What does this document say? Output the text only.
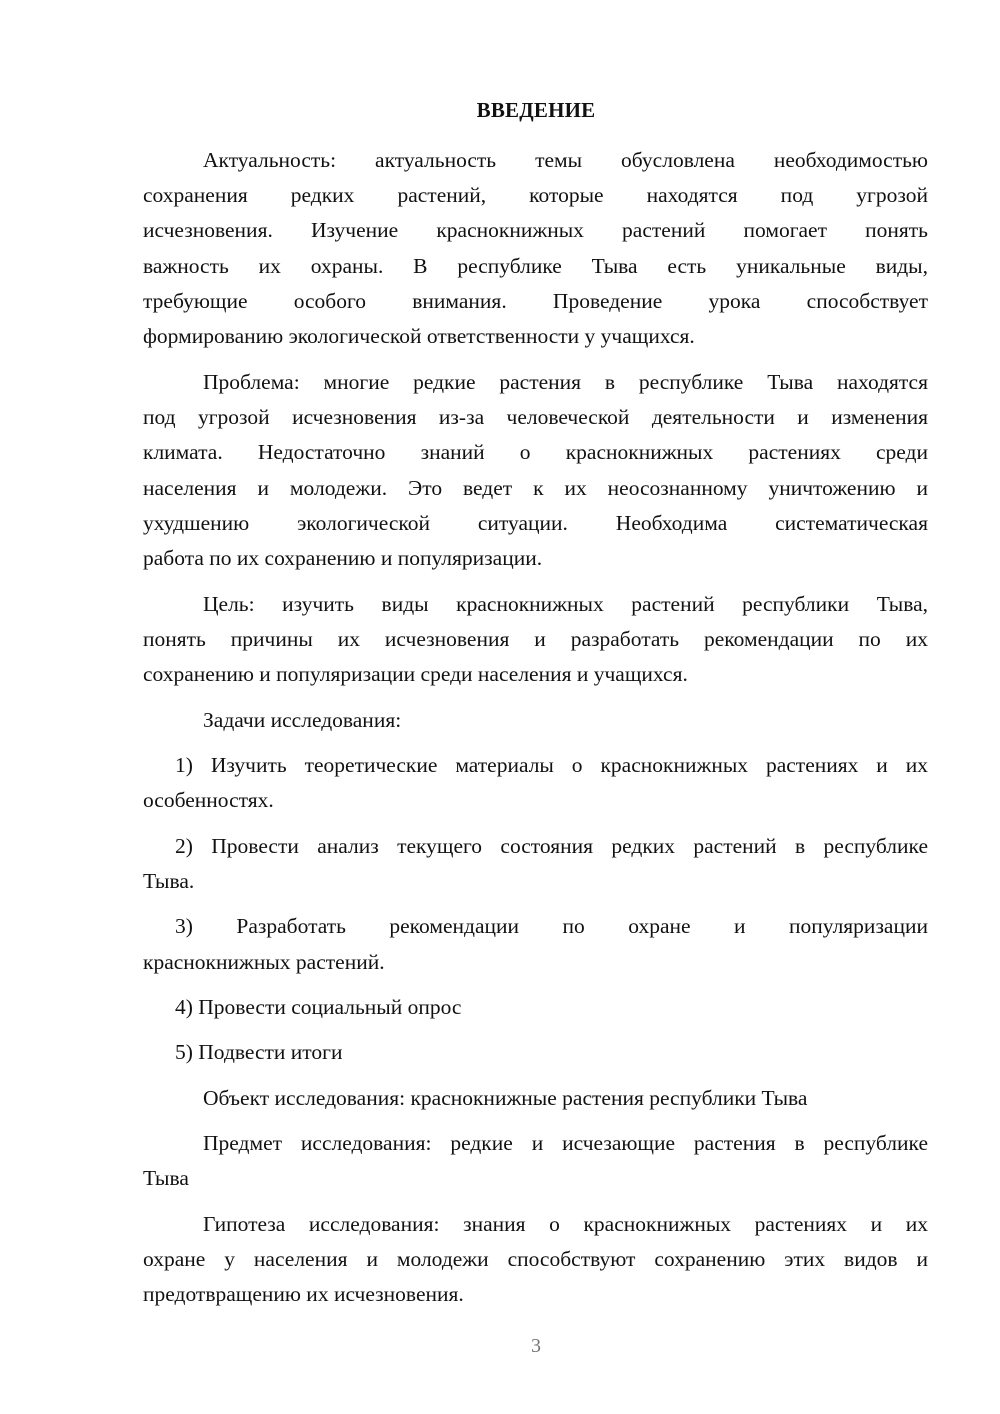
ВВЕДЕНИЕ
Актуальность: актуальность темы обусловлена необходимостью
сохранения редких растений, которые находятся под угрозой
исчезновения. Изучение краснокнижных растений помогает понять
важность их охраны. В республике Тыва есть уникальные виды,
требующие особого внимания. Проведение урока способствует
формированию экологической ответственности у учащихся.
Проблема: многие редкие растения в республике Тыва находятся
под угрозой исчезновения из-за человеческой деятельности и изменения
климата. Недостаточно знаний о краснокнижных растениях среди
населения и молодежи. Это ведет к их неосознанному уничтожению и
ухудшению экологической ситуации. Необходима систематическая
работа по их сохранению и популяризации.
Цель: изучить виды краснокнижных растений республики Тыва,
понять причины их исчезновения и разработать рекомендации по их
сохранению и популяризации среди населения и учащихся.
Задачи исследования:
1) Изучить теоретические материалы о краснокнижных растениях и их
особенностях.
2) Провести анализ текущего состояния редких растений в республике
Тыва.
3) Разработать рекомендации по охране и популяризации
краснокнижных растений.
4) Провести социальный опрос
5) Подвести итоги
Объект исследования: краснокнижные растения республики Тыва
Предмет исследования: редкие и исчезающие растения в республике
Тыва
Гипотеза исследования: знания о краснокнижных растениях и их
охране у населения и молодежи способствуют сохранению этих видов и
предотвращению их исчезновения.
3
